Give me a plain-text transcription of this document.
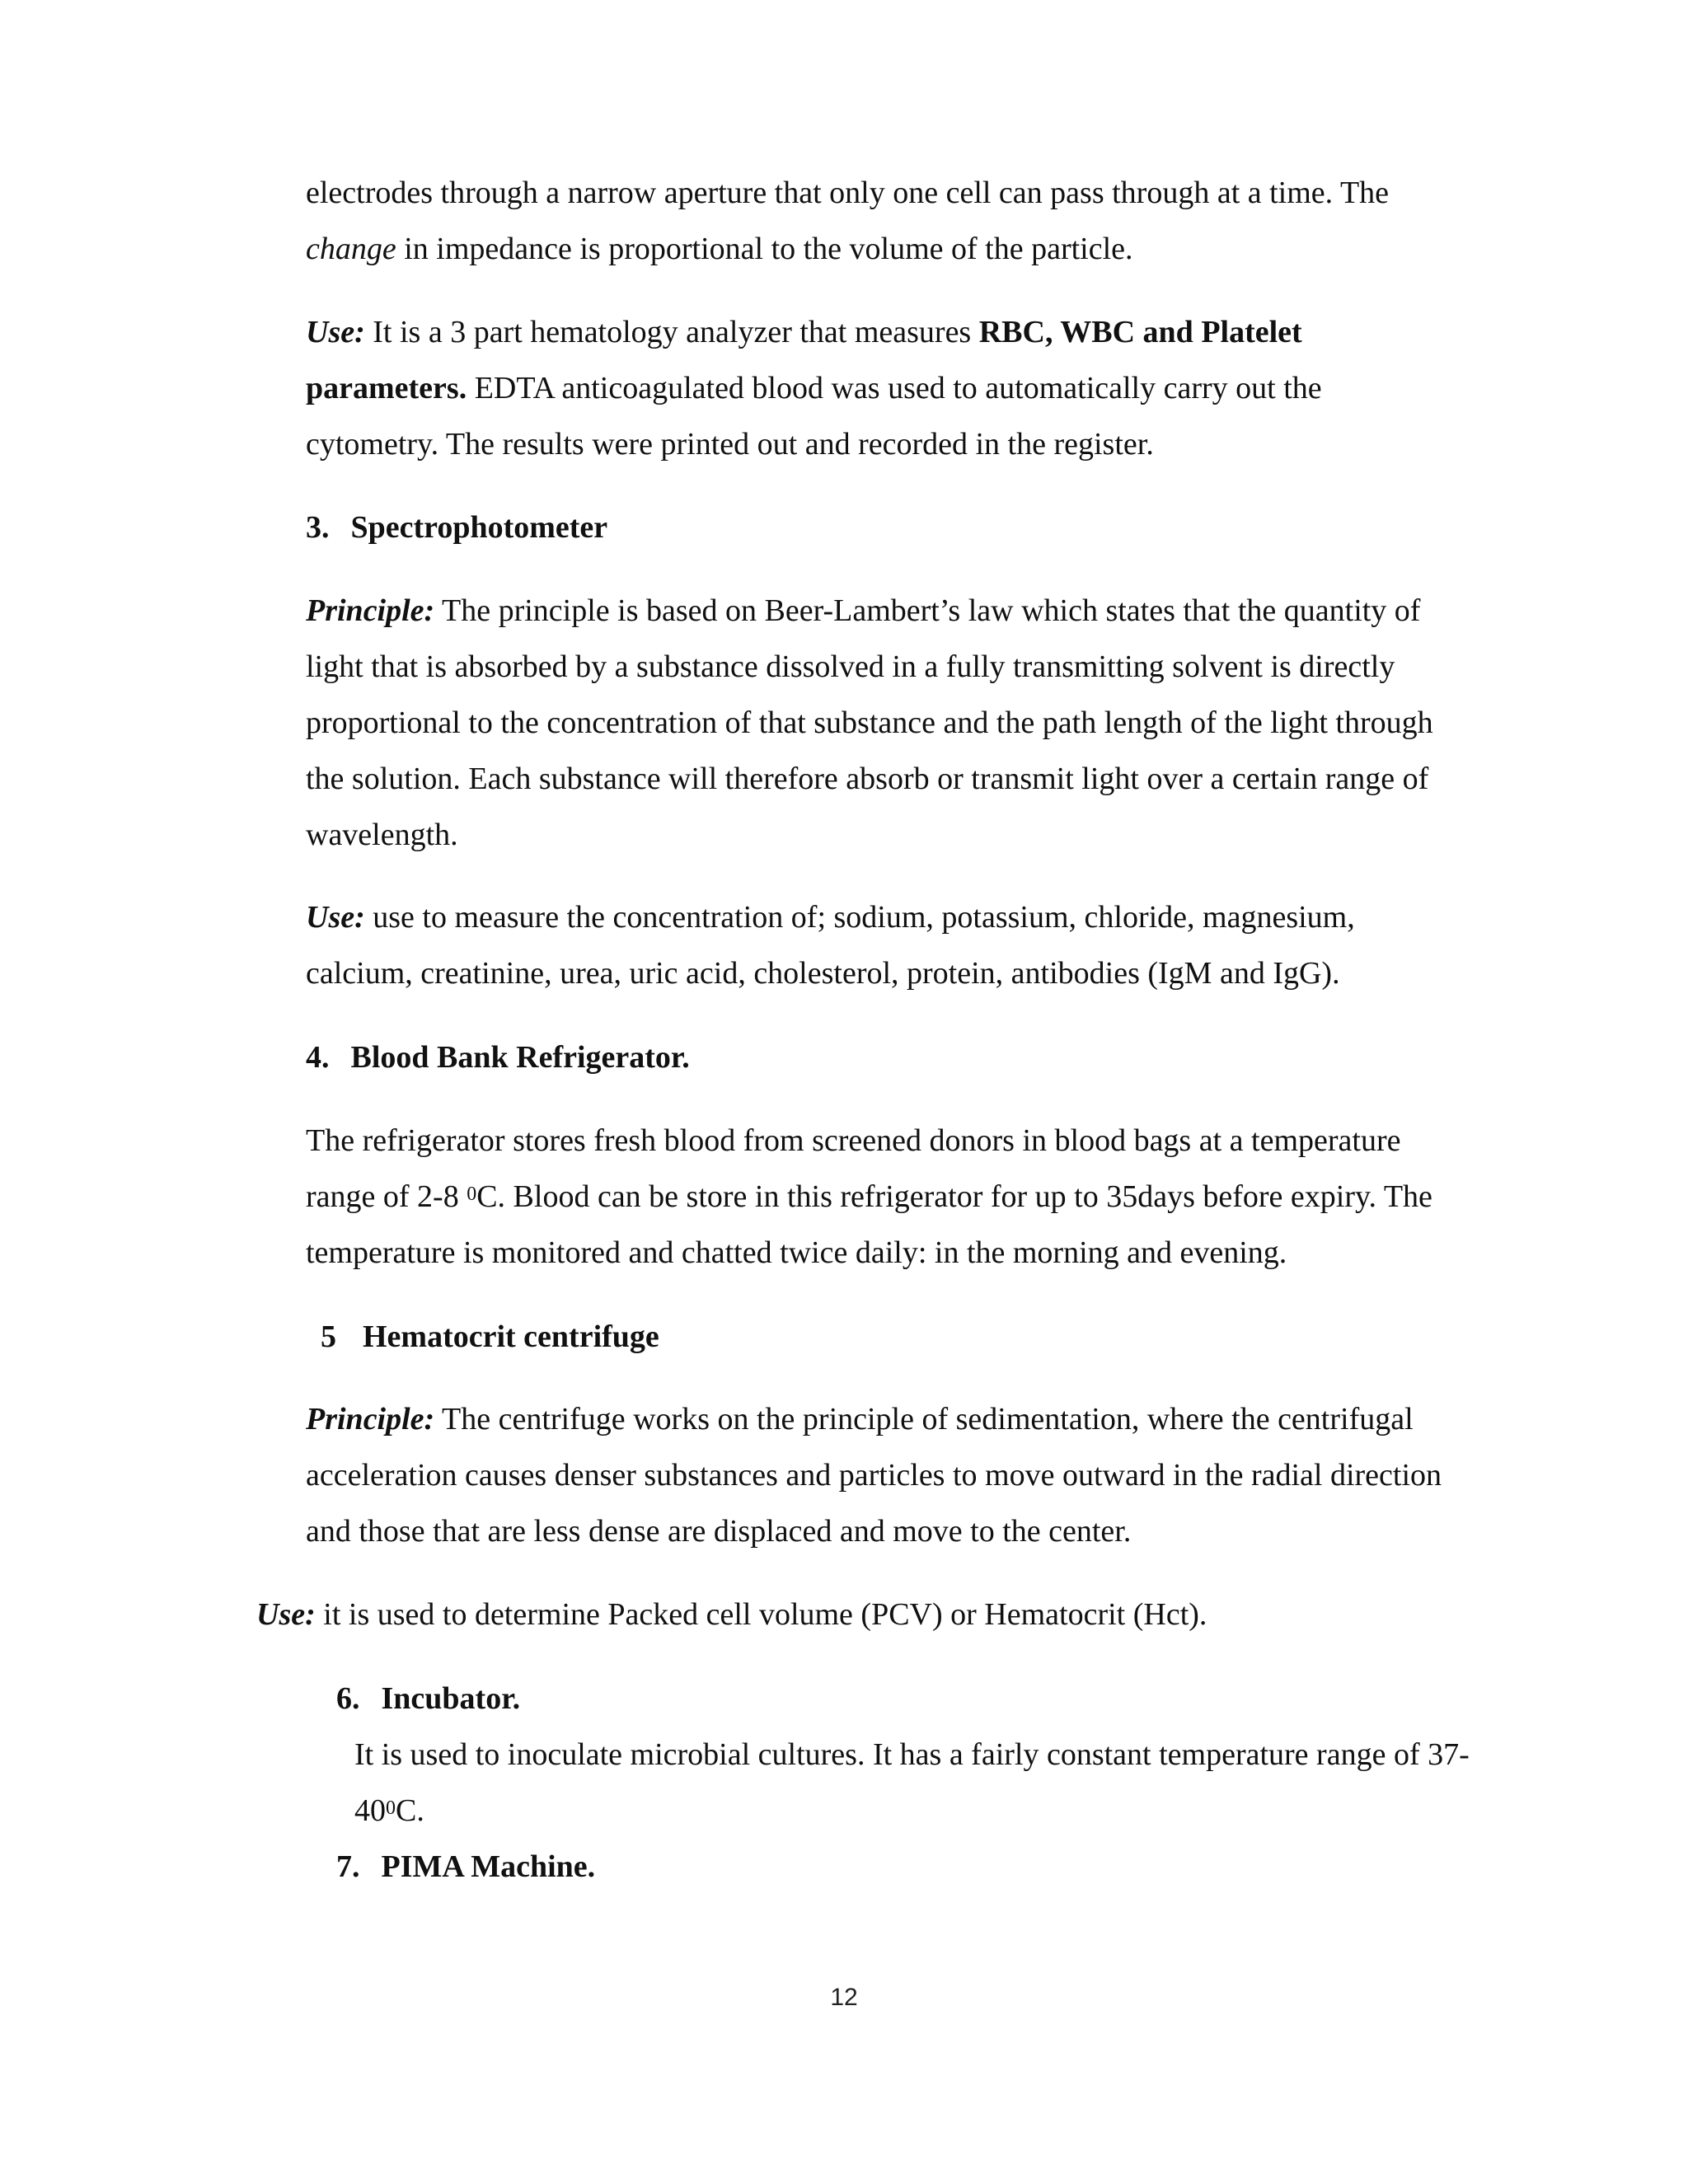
electrodes through a narrow aperture that only one cell can pass through at a time. The
change in impedance is proportional to the volume of the particle.
Use: It is a 3 part hematology analyzer that measures RBC, WBC and Platelet
parameters. EDTA anticoagulated blood was used to automatically carry out the
cytometry. The results were printed out and recorded in the register.
3. Spectrophotometer
Principle: The principle is based on Beer-Lambert’s law which states that the quantity of
light that is absorbed by a substance dissolved in a fully transmitting solvent is directly
proportional to the concentration of that substance and the path length of the light through
the solution. Each substance will therefore absorb or transmit light over a certain range of
wavelength.
Use: use to measure the concentration of; sodium, potassium, chloride, magnesium,
calcium, creatinine, urea, uric acid, cholesterol, protein, antibodies (IgM and IgG).
4. Blood Bank Refrigerator.
The refrigerator stores fresh blood from screened donors in blood bags at a temperature
range of 2-8 $^0$C. Blood can be store in this refrigerator for up to 35days before expiry. The
temperature is monitored and chatted twice daily: in the morning and evening.
5 Hematocrit centrifuge
Principle: The centrifuge works on the principle of sedimentation, where the centrifugal
acceleration causes denser substances and particles to move outward in the radial direction
and those that are less dense are displaced and move to the center.
Use: it is used to determine Packed cell volume (PCV) or Hematocrit (Hct).
6. Incubator.
It is used to inoculate microbial cultures. It has a fairly constant temperature range of 37-
$40^0C$.
7. PIMA Machine.
12
